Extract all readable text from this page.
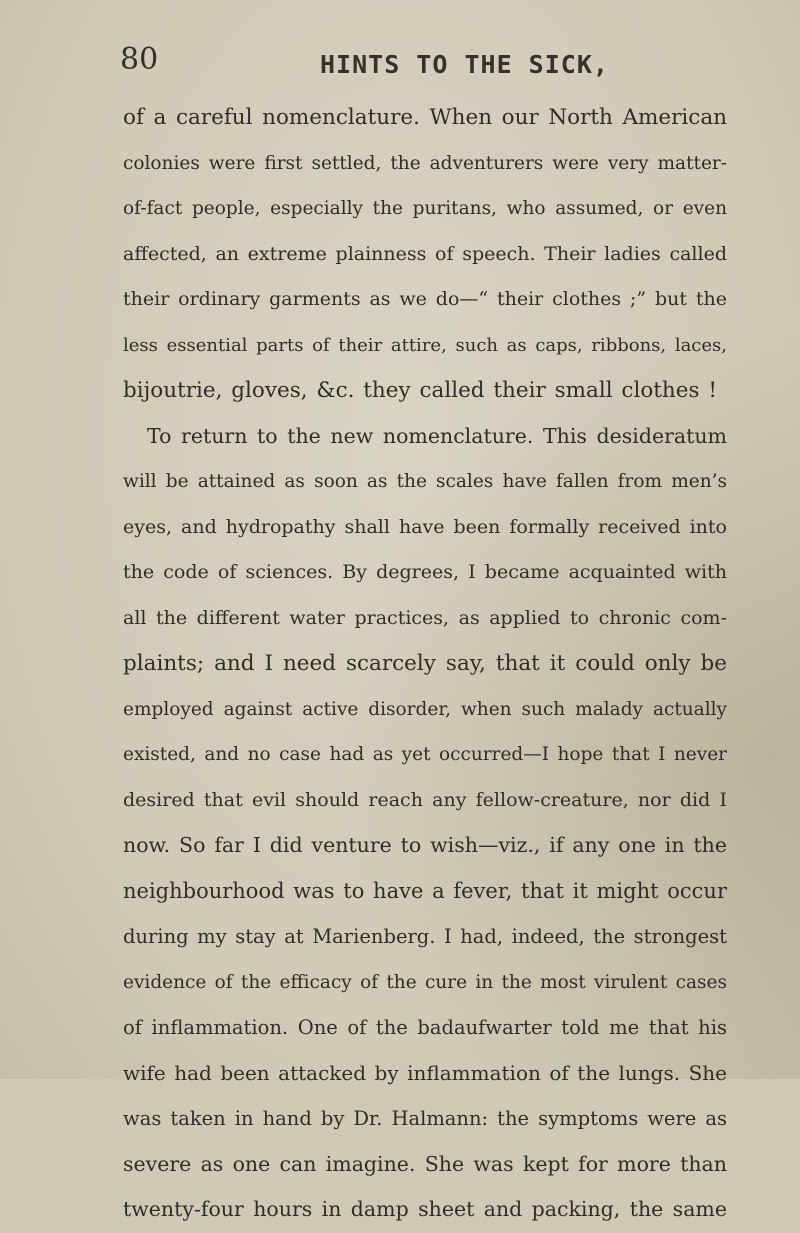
80	HINTS TO THE SICK,
of a careful nomenclature. When our North American
colonies were first settled, the adventurers were very matter-
of-fact people, especially the puritans, who assumed, or even
affected, an extreme plainness of speech. Their ladies called
their ordinary garments as we do—“ their clothes ;” but the
less essential parts of their attire, such as caps, ribbons, laces,
bijoutrie, gloves, &c. they called their small clothes !
To return to the new nomenclature. This desideratum
will be attained as soon as the scales have fallen from men’s
eyes, and hydropathy shall have been formally received into
the code of sciences. By degrees, I became acquainted with
all the different water practices, as applied to chronic com-
plaints; and I need scarcely say, that it could only be
employed against active disorder, when such malady actually
existed, and no case had as yet occurred—I hope that I never
desired that evil should reach any fellow-creature, nor did I
now. So far I did venture to wish—viz., if any one in the
neighbourhood was to have a fever, that it might occur
during my stay at Marienberg. I had, indeed, the strongest
evidence of the efficacy of the cure in the most virulent cases
of inflammation. One of the badaufwarter told me that his
wife had been attacked by inflammation of the lungs. She
was taken in hand by Dr. Halmann: the symptoms were as
severe as one can imagine. She was kept for more than
twenty-four hours in damp sheet and packing, the same
